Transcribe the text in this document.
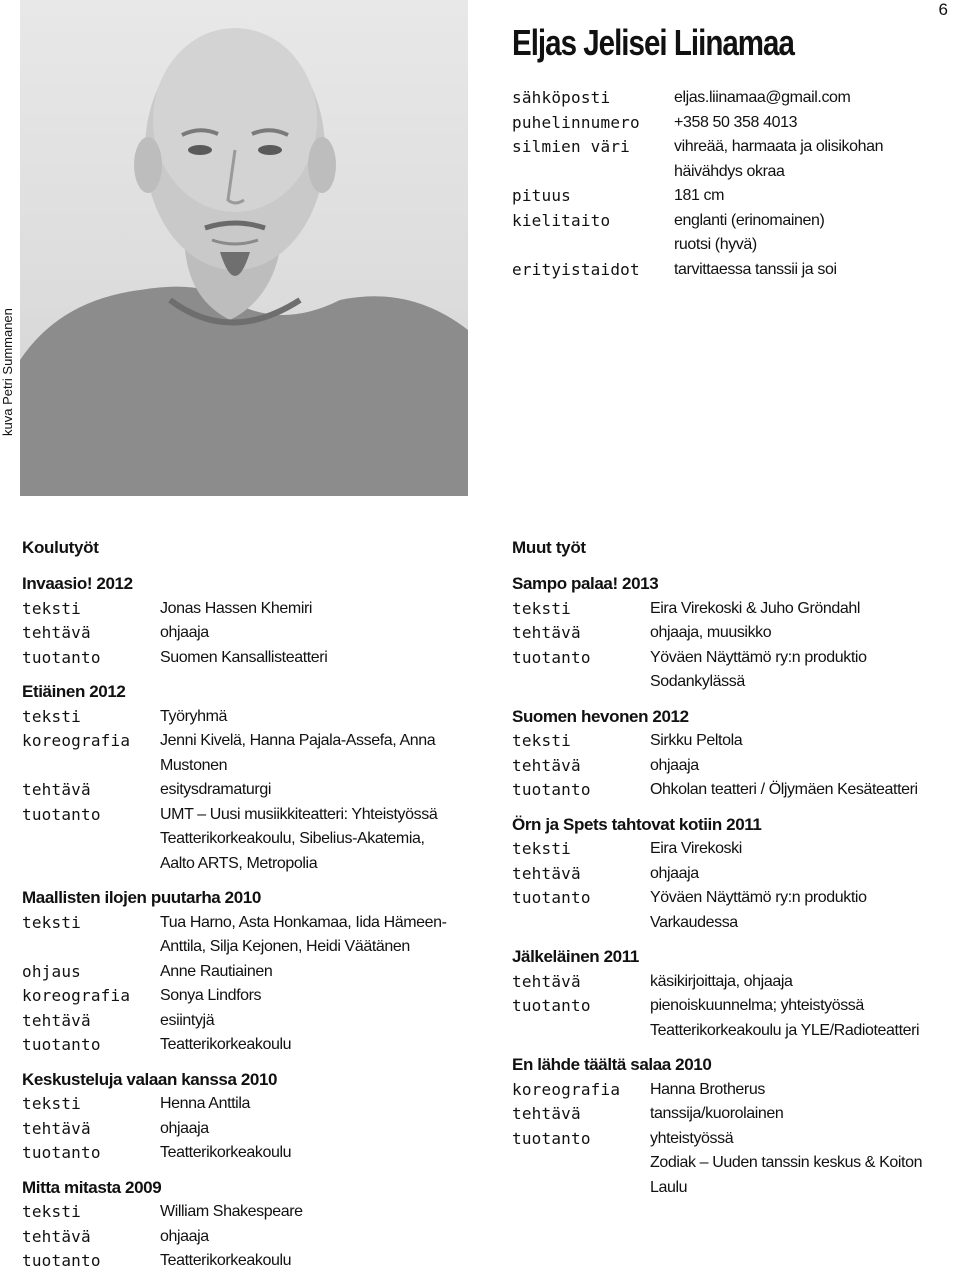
6
kuva Petri Summanen
Eljas Jelisei Liinamaa
sähköposti	eljas.liinamaa@gmail.com
puhelinnumero	+358 50 358 4013
silmien väri	vihreää, harmaata ja olisikohan
häivähdys okraa
pituus	181 cm
kielitaito	englanti (erinomainen)
ruotsi (hyvä)
erityistaidot	tarvittaessa tanssii ja soi
Koulutyöt
Invaasio! 2012
teksti	Jonas Hassen Khemiri
tehtävä	ohjaaja
tuotanto	Suomen Kansallisteatteri
Etiäinen 2012
teksti	Työryhmä
koreografia	Jenni Kivelä, Hanna Pajala-Assefa, Anna
Mustonen
tehtävä	esitysdramaturgi
tuotanto	UMT – Uusi musiikkiteatteri: Yhteistyössä
Teatterikorkeakoulu, Sibelius-Akatemia,
Aalto ARTS, Metropolia
Maallisten ilojen puutarha 2010
teksti	Tua Harno, Asta Honkamaa, Iida Hämeen-
Anttila, Silja Kejonen, Heidi Väätänen
ohjaus	Anne Rautiainen
koreografia	Sonya Lindfors
tehtävä	esiintyjä
tuotanto	Teatterikorkeakoulu
Keskusteluja valaan kanssa 2010
teksti	Henna Anttila
tehtävä	ohjaaja
tuotanto	Teatterikorkeakoulu
Mitta mitasta 2009
teksti	William Shakespeare
tehtävä	ohjaaja
tuotanto	Teatterikorkeakoulu
Muut työt
Sampo palaa! 2013
teksti	Eira Virekoski & Juho Gröndahl
tehtävä	ohjaaja, muusikko
tuotanto	Yöväen Näyttämö ry:n produktio
Sodankylässä
Suomen hevonen 2012
teksti	Sirkku Peltola
tehtävä	ohjaaja
tuotanto	Ohkolan teatteri / Öljymäen Kesäteatteri
Örn ja Spets tahtovat kotiin 2011
teksti	Eira Virekoski
tehtävä	ohjaaja
tuotanto	Yöväen Näyttämö ry:n produktio Varkaudessa
Jälkeläinen 2011
tehtävä	käsikirjoittaja, ohjaaja
tuotanto	pienoiskuunnelma; yhteistyössä
Teatterikorkeakoulu ja YLE/Radioteatteri
En lähde täältä salaa 2010
koreografia	Hanna Brotherus
tehtävä	tanssija/kuorolainen
tuotanto	yhteistyössä
Zodiak – Uuden tanssin keskus & Koiton Laulu
